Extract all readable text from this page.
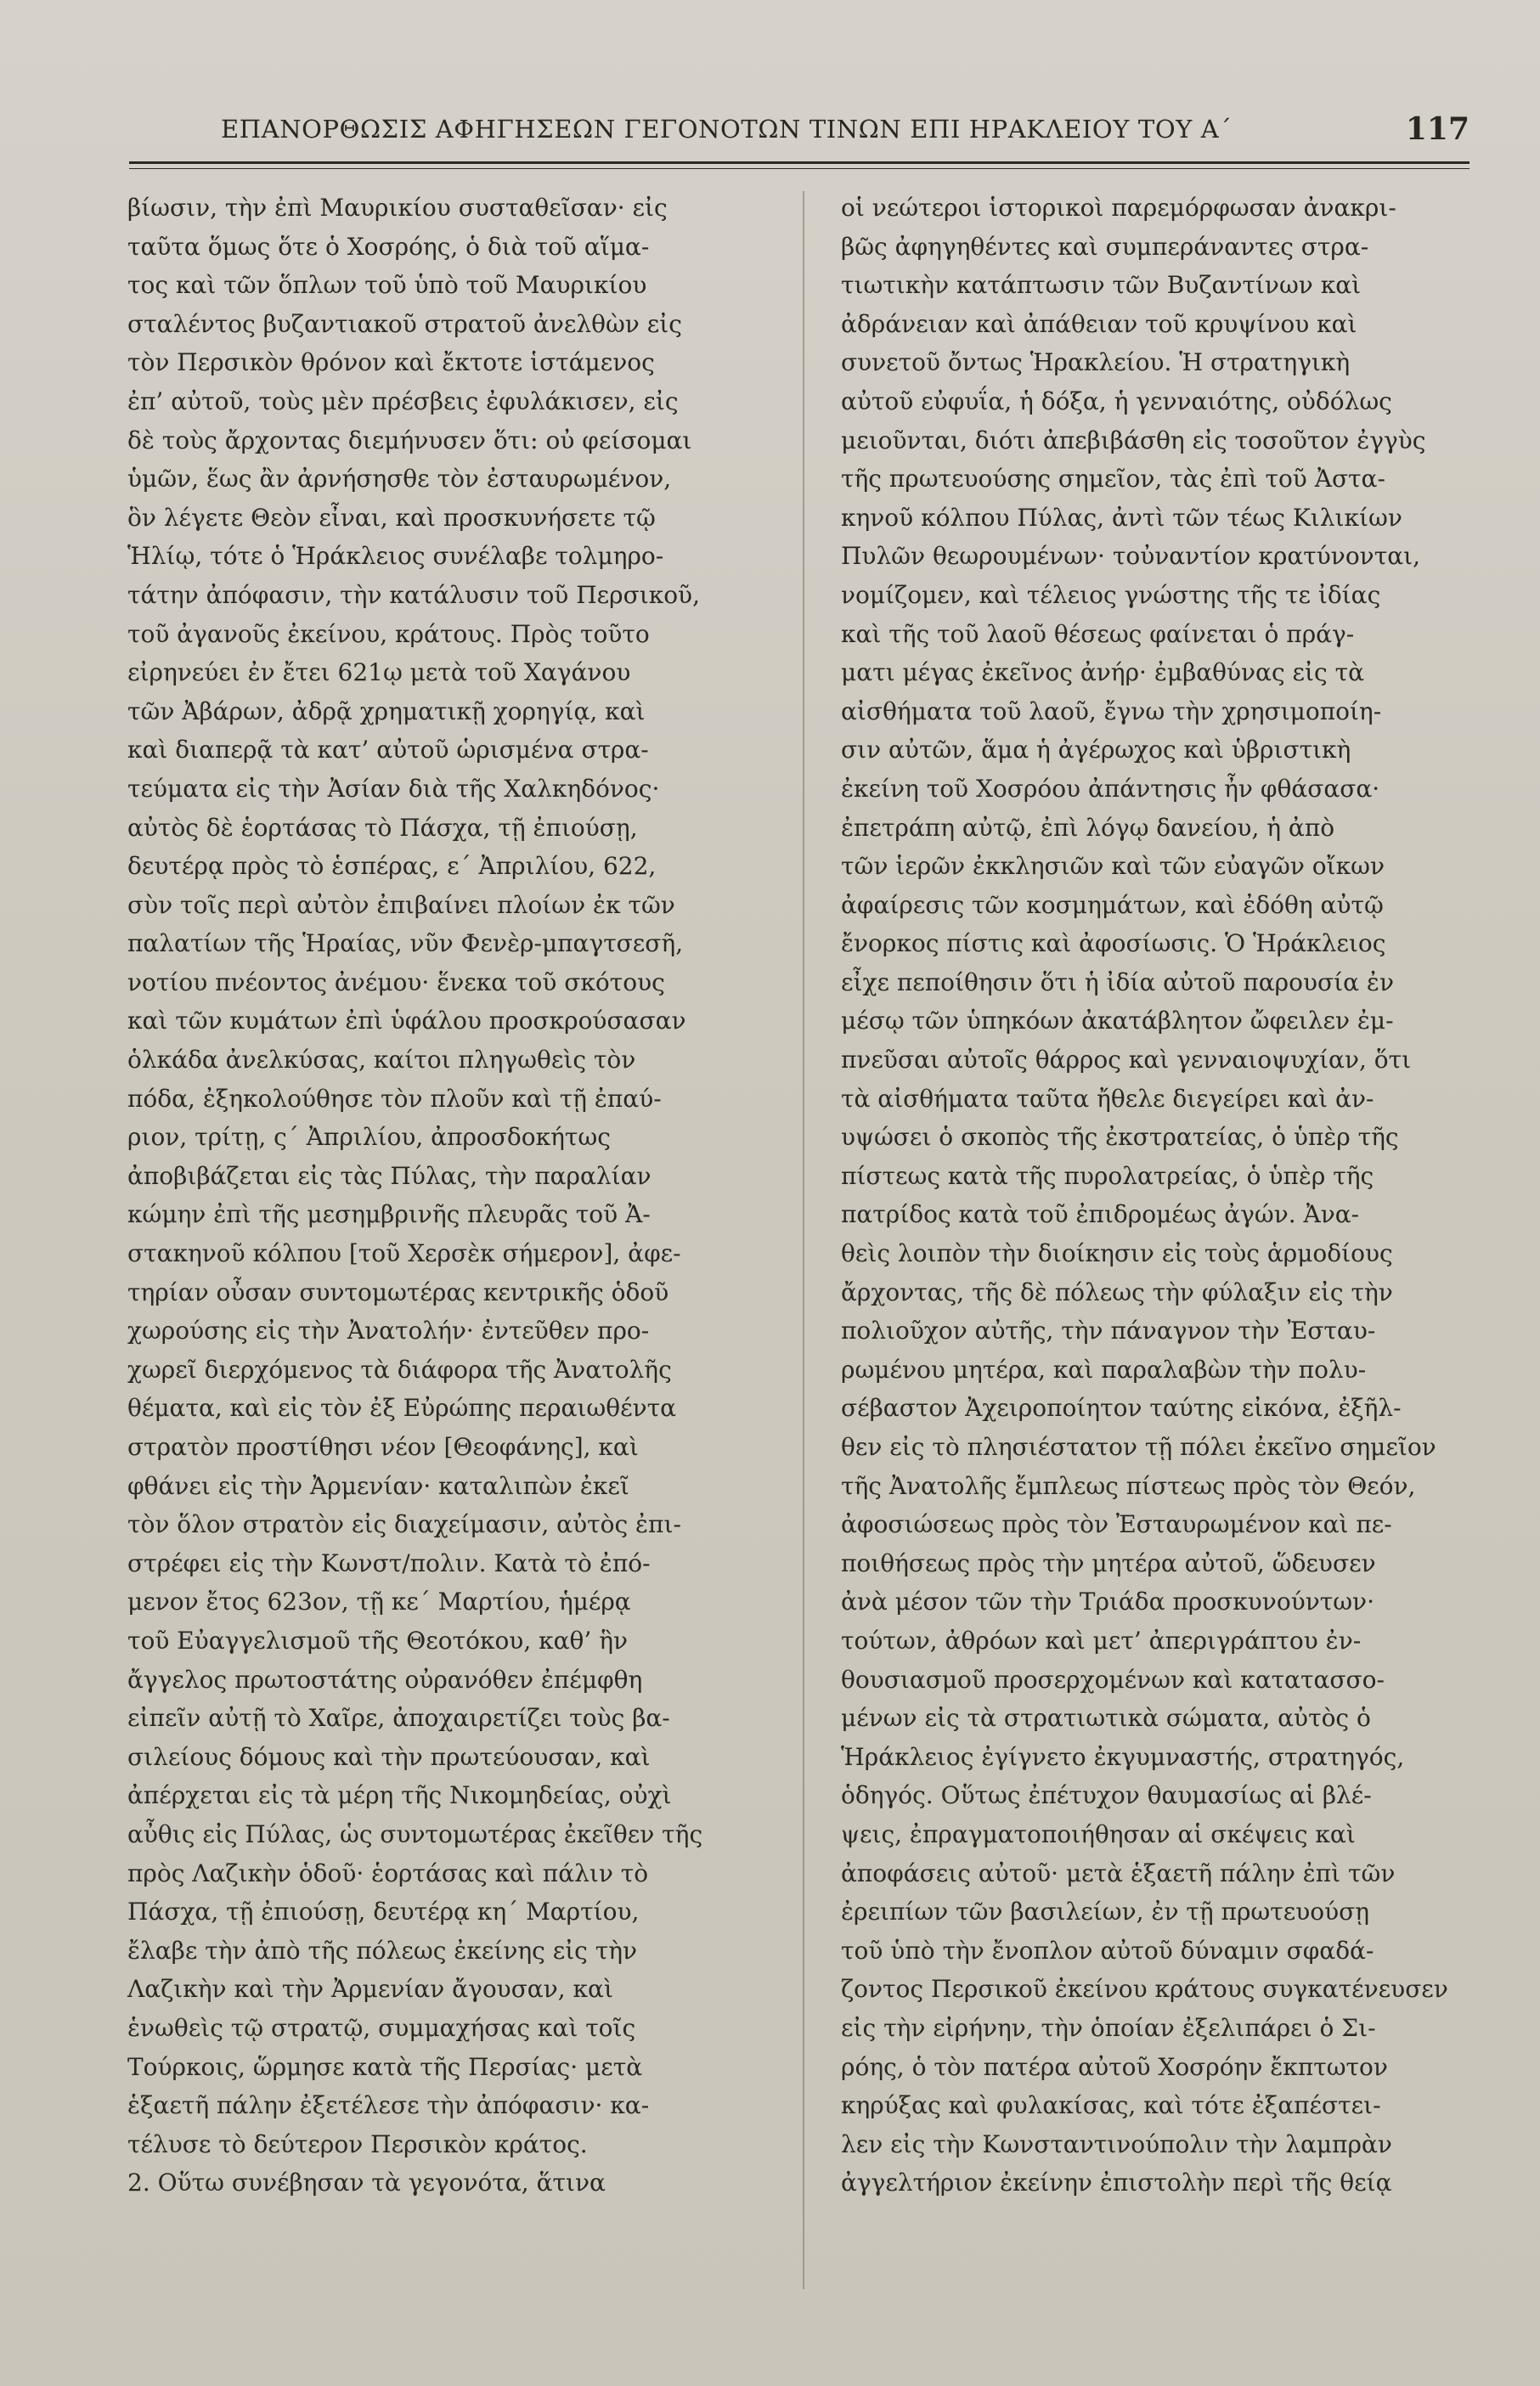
ΕΠΑΝΟΡΘΩΣΙΣ ΑΦΗΓΗΣΕΩΝ ΓΕΓΟΝΟΤΩΝ ΤΙΝΩΝ ΕΠΙ ΗΡΑΚΛΕΙΟΥ ΤΟΥ Α΄	117
βίωσιν, τὴν ἐπὶ Μαυρικίου συσταθεῖσαν· εἰς
ταῦτα ὅμως ὅτε ὁ Χοσρόης, ὁ διὰ τοῦ αἵμα-
τος καὶ τῶν ὅπλων τοῦ ὑπὸ τοῦ Μαυρικίου
σταλέντος βυζαντιακοῦ στρατοῦ ἀνελθὼν εἰς
τὸν Περσικὸν θρόνον καὶ ἔκτοτε ἱστάμενος
ἐπ’ αὐτοῦ, τοὺς μὲν πρέσβεις ἐφυλάκισεν, εἰς
δὲ τοὺς ἄρχοντας διεμήνυσεν ὅτι: οὐ φείσομαι
ὑμῶν, ἕως ἂν ἀρνήσησθε τὸν ἐσταυρωμένον,
ὃν λέγετε Θεὸν εἶναι, καὶ προσκυνήσετε τῷ
Ἡλίῳ, τότε ὁ Ἡράκλειος συνέλαβε τολμηρο-
τάτην ἀπόφασιν, τὴν κατάλυσιν τοῦ Περσικοῦ,
τοῦ ἀγανοῦς ἐκείνου, κράτους. Πρὸς τοῦτο
εἰρηνεύει ἐν ἔτει 621ῳ μετὰ τοῦ Χαγάνου
τῶν Ἀβάρων, ἀδρᾷ χρηματικῇ χορηγίᾳ, καὶ
καὶ διαπερᾷ τὰ κατ’ αὐτοῦ ὡρισμένα στρα-
τεύματα εἰς τὴν Ἀσίαν διὰ τῆς Χαλκηδόνος·
αὐτὸς δὲ ἑορτάσας τὸ Πάσχα, τῇ ἐπιούσῃ,
δευτέρᾳ πρὸς τὸ ἑσπέρας, ε΄ Ἀπριλίου, 622,
σὺν τοῖς περὶ αὐτὸν ἐπιβαίνει πλοίων ἐκ τῶν
παλατίων τῆς Ἡραίας, νῦν Φενὲρ-μπαγτσεσῆ,
νοτίου πνέοντος ἀνέμου· ἕνεκα τοῦ σκότους
καὶ τῶν κυμάτων ἐπὶ ὑφάλου προσκρούσασαν
ὁλκάδα ἀνελκύσας, καίτοι πληγωθεὶς τὸν
πόδα, ἐξηκολούθησε τὸν πλοῦν καὶ τῇ ἐπαύ-
ριον, τρίτῃ, ς΄ Ἀπριλίου, ἀπροσδοκήτως
ἀποβιβάζεται εἰς τὰς Πύλας, τὴν παραλίαν
κώμην ἐπὶ τῆς μεσημβρινῆς πλευρᾶς τοῦ Ἀ-
στακηνοῦ κόλπου [τοῦ Χερσὲκ σήμερον], ἀφε-
τηρίαν οὖσαν συντομωτέρας κεντρικῆς ὁδοῦ
χωρούσης εἰς τὴν Ἀνατολήν· ἐντεῦθεν προ-
χωρεῖ διερχόμενος τὰ διάφορα τῆς Ἀνατολῆς
θέματα, καὶ εἰς τὸν ἐξ Εὐρώπης περαιωθέντα
στρατὸν προστίθησι νέον [Θεοφάνης], καὶ
φθάνει εἰς τὴν Ἀρμενίαν· καταλιπὼν ἐκεῖ
τὸν ὅλον στρατὸν εἰς διαχείμασιν, αὐτὸς ἐπι-
στρέφει εἰς τὴν Κωνστ/πολιν. Κατὰ τὸ ἐπό-
μενον ἔτος 623ον, τῇ κε΄ Μαρτίου, ἡμέρᾳ
τοῦ Εὐαγγελισμοῦ τῆς Θεοτόκου, καθ’ ἣν
ἄγγελος πρωτοστάτης οὐρανόθεν ἐπέμφθη
εἰπεῖν αὐτῇ τὸ Χαῖρε, ἀποχαιρετίζει τοὺς βα-
σιλείους δόμους καὶ τὴν πρωτεύουσαν, καὶ
ἀπέρχεται εἰς τὰ μέρη τῆς Νικομηδείας, οὐχὶ
αὖθις εἰς Πύλας, ὡς συντομωτέρας ἐκεῖθεν τῆς
πρὸς Λαζικὴν ὁδοῦ· ἑορτάσας καὶ πάλιν τὸ
Πάσχα, τῇ ἐπιούσῃ, δευτέρᾳ κη΄ Μαρτίου,
ἔλαβε τὴν ἀπὸ τῆς πόλεως ἐκείνης εἰς τὴν
Λαζικὴν καὶ τὴν Ἀρμενίαν ἄγουσαν, καὶ
ἑνωθεὶς τῷ στρατῷ, συμμαχήσας καὶ τοῖς
Τούρκοις, ὥρμησε κατὰ τῆς Περσίας· μετὰ
ἑξαετῆ πάλην ἐξετέλεσε τὴν ἀπόφασιν· κα-
τέλυσε τὸ δεύτερον Περσικὸν κράτος.
2. Οὕτω συνέβησαν τὰ γεγονότα, ἅτινα
οἱ νεώτεροι ἱστορικοὶ παρεμόρφωσαν ἀνακρι-
βῶς ἀφηγηθέντες καὶ συμπεράναντες στρα-
τιωτικὴν κατάπτωσιν τῶν Βυζαντίνων καὶ
ἀδράνειαν καὶ ἀπάθειαν τοῦ κρυψίνου καὶ
συνετοῦ ὄντως Ἡρακλείου. Ἡ στρατηγικὴ
αὐτοῦ εὐφυΐα, ἡ δόξα, ἡ γενναιότης, οὐδόλως
μειοῦνται, διότι ἀπεβιβάσθη εἰς τοσοῦτον ἐγγὺς
τῆς πρωτευούσης σημεῖον, τὰς ἐπὶ τοῦ Ἀστα-
κηνοῦ κόλπου Πύλας, ἀντὶ τῶν τέως Κιλικίων
Πυλῶν θεωρουμένων· τοὐναντίον κρατύνονται,
νομίζομεν, καὶ τέλειος γνώστης τῆς τε ἰδίας
καὶ τῆς τοῦ λαοῦ θέσεως φαίνεται ὁ πράγ-
ματι μέγας ἐκεῖνος ἀνήρ· ἐμβαθύνας εἰς τὰ
αἰσθήματα τοῦ λαοῦ, ἔγνω τὴν χρησιμοποίη-
σιν αὐτῶν, ἅμα ἡ ἀγέρωχος καὶ ὑβριστικὴ
ἐκείνη τοῦ Χοσρόου ἀπάντησις ἦν φθάσασα·
ἐπετράπη αὐτῷ, ἐπὶ λόγῳ δανείου, ἡ ἀπὸ
τῶν ἱερῶν ἐκκλησιῶν καὶ τῶν εὐαγῶν οἴκων
ἀφαίρεσις τῶν κοσμημάτων, καὶ ἐδόθη αὐτῷ
ἔνορκος πίστις καὶ ἀφοσίωσις. Ὁ Ἡράκλειος
εἶχε πεποίθησιν ὅτι ἡ ἰδία αὐτοῦ παρουσία ἐν
μέσῳ τῶν ὑπηκόων ἀκατάβλητον ὤφειλεν ἐμ-
πνεῦσαι αὐτοῖς θάρρος καὶ γενναιοψυχίαν, ὅτι
τὰ αἰσθήματα ταῦτα ἤθελε διεγείρει καὶ ἀν-
υψώσει ὁ σκοπὸς τῆς ἐκστρατείας, ὁ ὑπὲρ τῆς
πίστεως κατὰ τῆς πυρολατρείας, ὁ ὑπὲρ τῆς
πατρίδος κατὰ τοῦ ἐπιδρομέως ἀγών. Ἀνα-
θεὶς λοιπὸν τὴν διοίκησιν εἰς τοὺς ἁρμοδίους
ἄρχοντας, τῆς δὲ πόλεως τὴν φύλαξιν εἰς τὴν
πολιοῦχον αὐτῆς, τὴν πάναγνον τὴν Ἐσταυ-
ρωμένου μητέρα, καὶ παραλαβὼν τὴν πολυ-
σέβαστον Ἀχειροποίητον ταύτης εἰκόνα, ἐξῆλ-
θεν εἰς τὸ πλησιέστατον τῇ πόλει ἐκεῖνο σημεῖον
τῆς Ἀνατολῆς ἔμπλεως πίστεως πρὸς τὸν Θεόν,
ἀφοσιώσεως πρὸς τὸν Ἐσταυρωμένον καὶ πε-
ποιθήσεως πρὸς τὴν μητέρα αὐτοῦ, ὥδευσεν
ἀνὰ μέσον τῶν τὴν Τριάδα προσκυνούντων·
τούτων, ἀθρόων καὶ μετ’ ἀπεριγράπτου ἐν-
θουσιασμοῦ προσερχομένων καὶ κατατασσο-
μένων εἰς τὰ στρατιωτικὰ σώματα, αὐτὸς ὁ
Ἡράκλειος ἐγίγνετο ἐκγυμναστής, στρατηγός,
ὁδηγός. Οὕτως ἐπέτυχον θαυμασίως αἱ βλέ-
ψεις, ἐπραγματοποιήθησαν αἱ σκέψεις καὶ
ἀποφάσεις αὐτοῦ· μετὰ ἑξαετῆ πάλην ἐπὶ τῶν
ἐρειπίων τῶν βασιλείων, ἐν τῇ πρωτευούσῃ
τοῦ ὑπὸ τὴν ἔνοπλον αὐτοῦ δύναμιν σφαδά-
ζοντος Περσικοῦ ἐκείνου κράτους συγκατένευσεν
εἰς τὴν εἰρήνην, τὴν ὁποίαν ἐξελιπάρει ὁ Σι-
ρόης, ὁ τὸν πατέρα αὐτοῦ Χοσρόην ἔκπτωτον
κηρύξας καὶ φυλακίσας, καὶ τότε ἐξαπέστει-
λεν εἰς τὴν Κωνσταντινούπολιν τὴν λαμπρὰν
ἀγγελτήριον ἐκείνην ἐπιστολὴν περὶ τῆς θείᾳ
